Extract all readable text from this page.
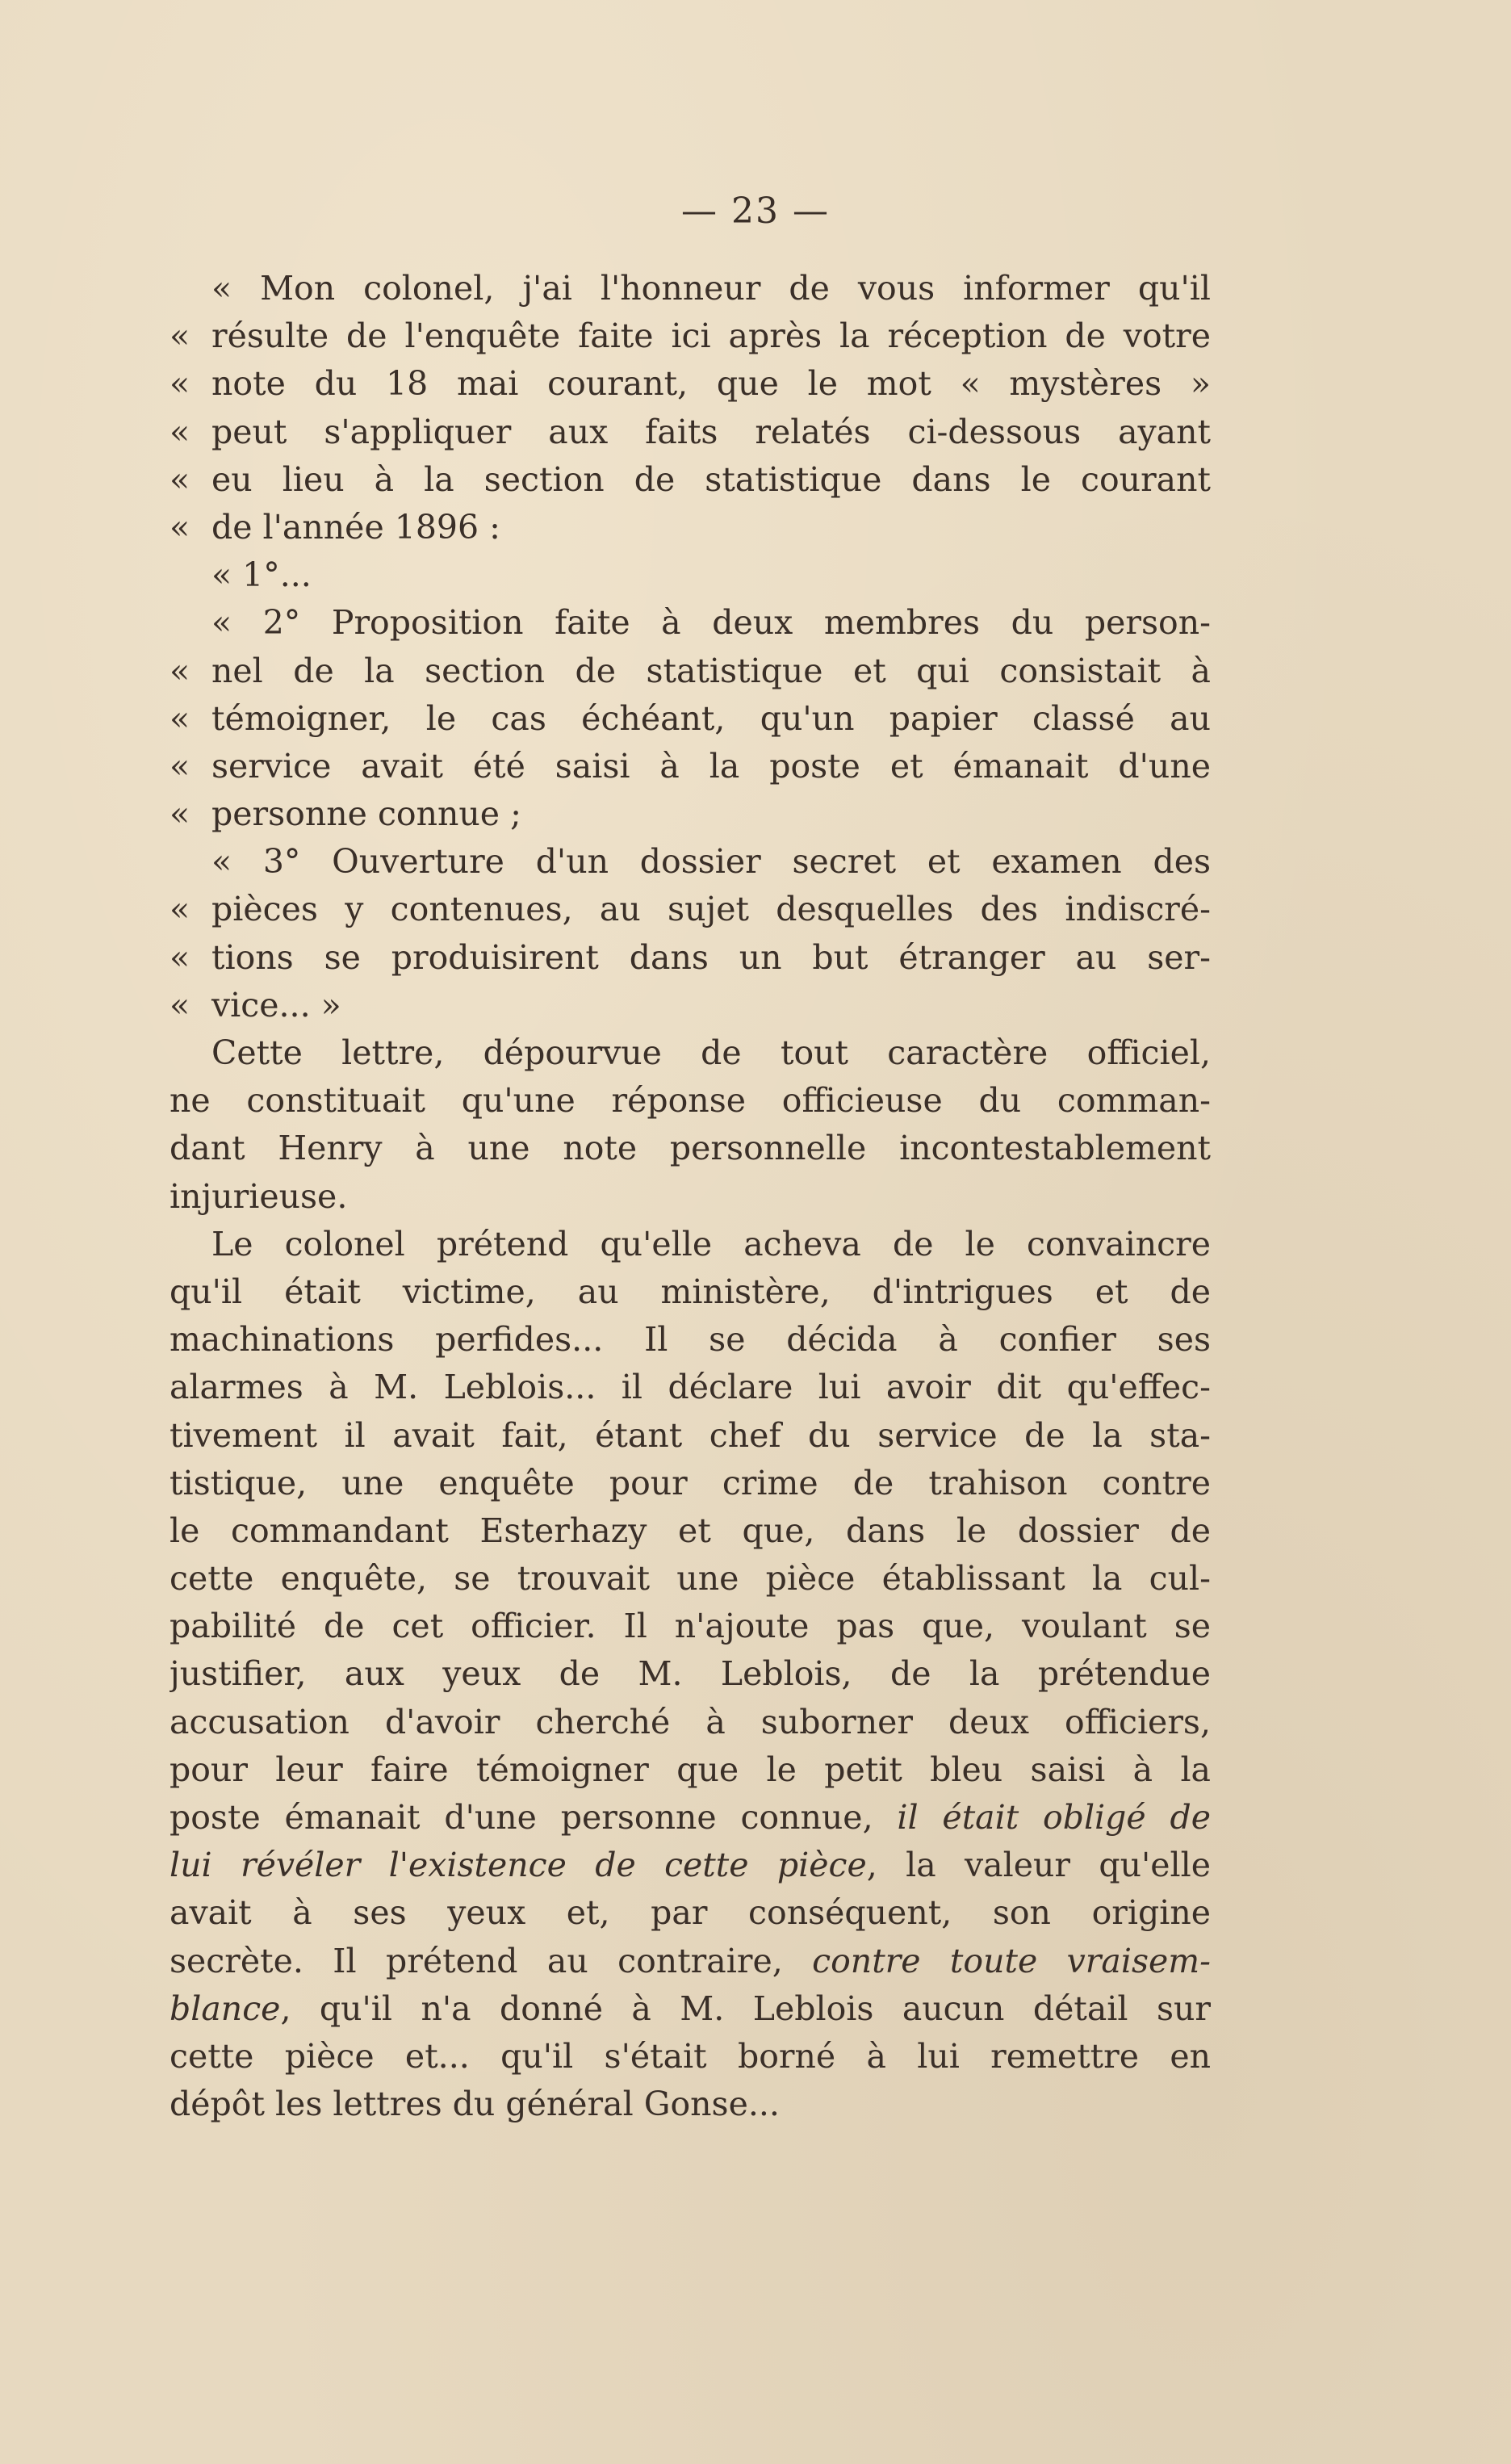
— 23 —
« Mon colonel, j'ai l'honneur de vous informer qu'il
« résulte de l'enquête faite ici après la réception de votre
« note du 18 mai courant, que le mot « mystères »
« peut s'appliquer aux faits relatés ci-dessous ayant
« eu lieu à la section de statistique dans le courant
« de l'année 1896 :
« 1°...
« 2° Proposition faite à deux membres du person-
« nel de la section de statistique et qui consistait à
« témoigner, le cas échéant, qu'un papier classé au
« service avait été saisi à la poste et émanait d'une
« personne connue ;
« 3° Ouverture d'un dossier secret et examen des
« pièces y contenues, au sujet desquelles des indiscré-
« tions se produisirent dans un but étranger au ser-
« vice... »
Cette lettre, dépourvue de tout caractère officiel,
ne constituait qu'une réponse officieuse du comman-
dant Henry à une note personnelle incontestablement
injurieuse.
Le colonel prétend qu'elle acheva de le convaincre
qu'il était victime, au ministère, d'intrigues et de
machinations perfides... Il se décida à confier ses
alarmes à M. Leblois... il déclare lui avoir dit qu'effec-
tivement il avait fait, étant chef du service de la sta-
tistique, une enquête pour crime de trahison contre
le commandant Esterhazy et que, dans le dossier de
cette enquête, se trouvait une pièce établissant la cul-
pabilité de cet officier. Il n'ajoute pas que, voulant se
justifier, aux yeux de M. Leblois, de la prétendue
accusation d'avoir cherché à suborner deux officiers,
pour leur faire témoigner que le petit bleu saisi à la
poste émanait d'une personne connue, il était obligé de
lui révéler l'existence de cette pièce, la valeur qu'elle
avait à ses yeux et, par conséquent, son origine
secrète. Il prétend au contraire, contre toute vraisem-
blance, qu'il n'a donné à M. Leblois aucun détail sur
cette pièce et... qu'il s'était borné à lui remettre en
dépôt les lettres du général Gonse...
